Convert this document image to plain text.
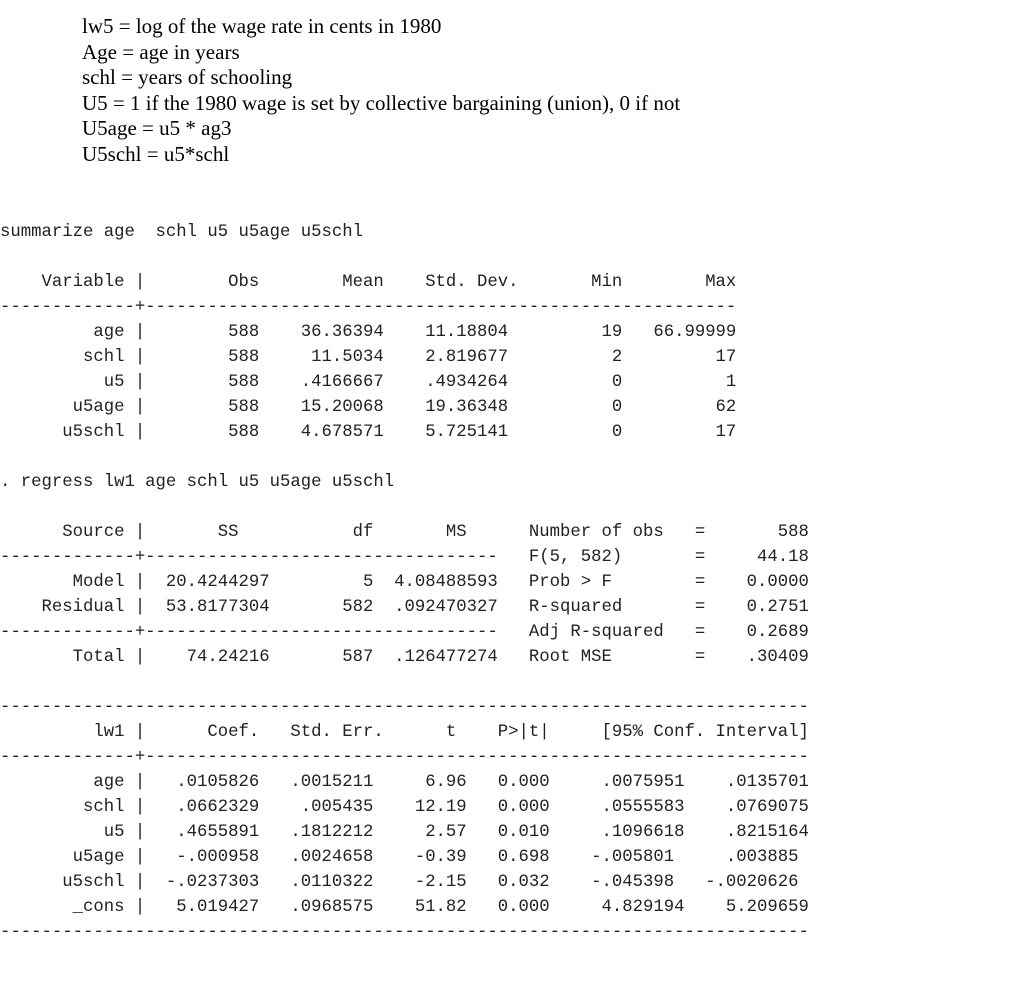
lw5 = log of the wage rate in cents in 1980
Age = age in years
schl = years of schooling
U5 = 1 if the 1980 wage is set by collective bargaining (union), 0 if not
U5age = u5 * ag3
U5schl = u5*schl
summarize age  schl u5 u5age u5schl
Variable |        Obs        Mean    Std. Dev.       Min        Max
-------------+---------------------------------------------------------
age |        588    36.36394    11.18804         19   66.99999
schl |        588     11.5034    2.819677          2         17
u5 |        588    .4166667    .4934264          0          1
u5age |        588    15.20068    19.36348          0         62
u5schl |        588    4.678571    5.725141          0         17
. regress lw1 age schl u5 u5age u5schl
Source |       SS           df       MS      Number of obs   =       588
-------------+----------------------------------   F(5, 582)       =     44.18
Model |  20.4244297         5  4.08488593   Prob > F        =    0.0000
Residual |  53.8177304       582  .092470327   R-squared       =    0.2751
-------------+----------------------------------   Adj R-squared   =    0.2689
Total |    74.24216       587  .126477274   Root MSE        =    .30409
------------------------------------------------------------------------------
lw1 |      Coef.   Std. Err.      t    P>|t|     [95% Conf. Interval]
-------------+----------------------------------------------------------------
age |   .0105826   .0015211     6.96   0.000     .0075951    .0135701
schl |   .0662329    .005435    12.19   0.000     .0555583    .0769075
u5 |   .4655891   .1812212     2.57   0.010     .1096618    .8215164
u5age |   -.000958   .0024658    -0.39   0.698    -.005801     .003885
u5schl |  -.0237303   .0110322    -2.15   0.032    -.045398   -.0020626
_cons |   5.019427   .0968575    51.82   0.000     4.829194    5.209659
------------------------------------------------------------------------------
